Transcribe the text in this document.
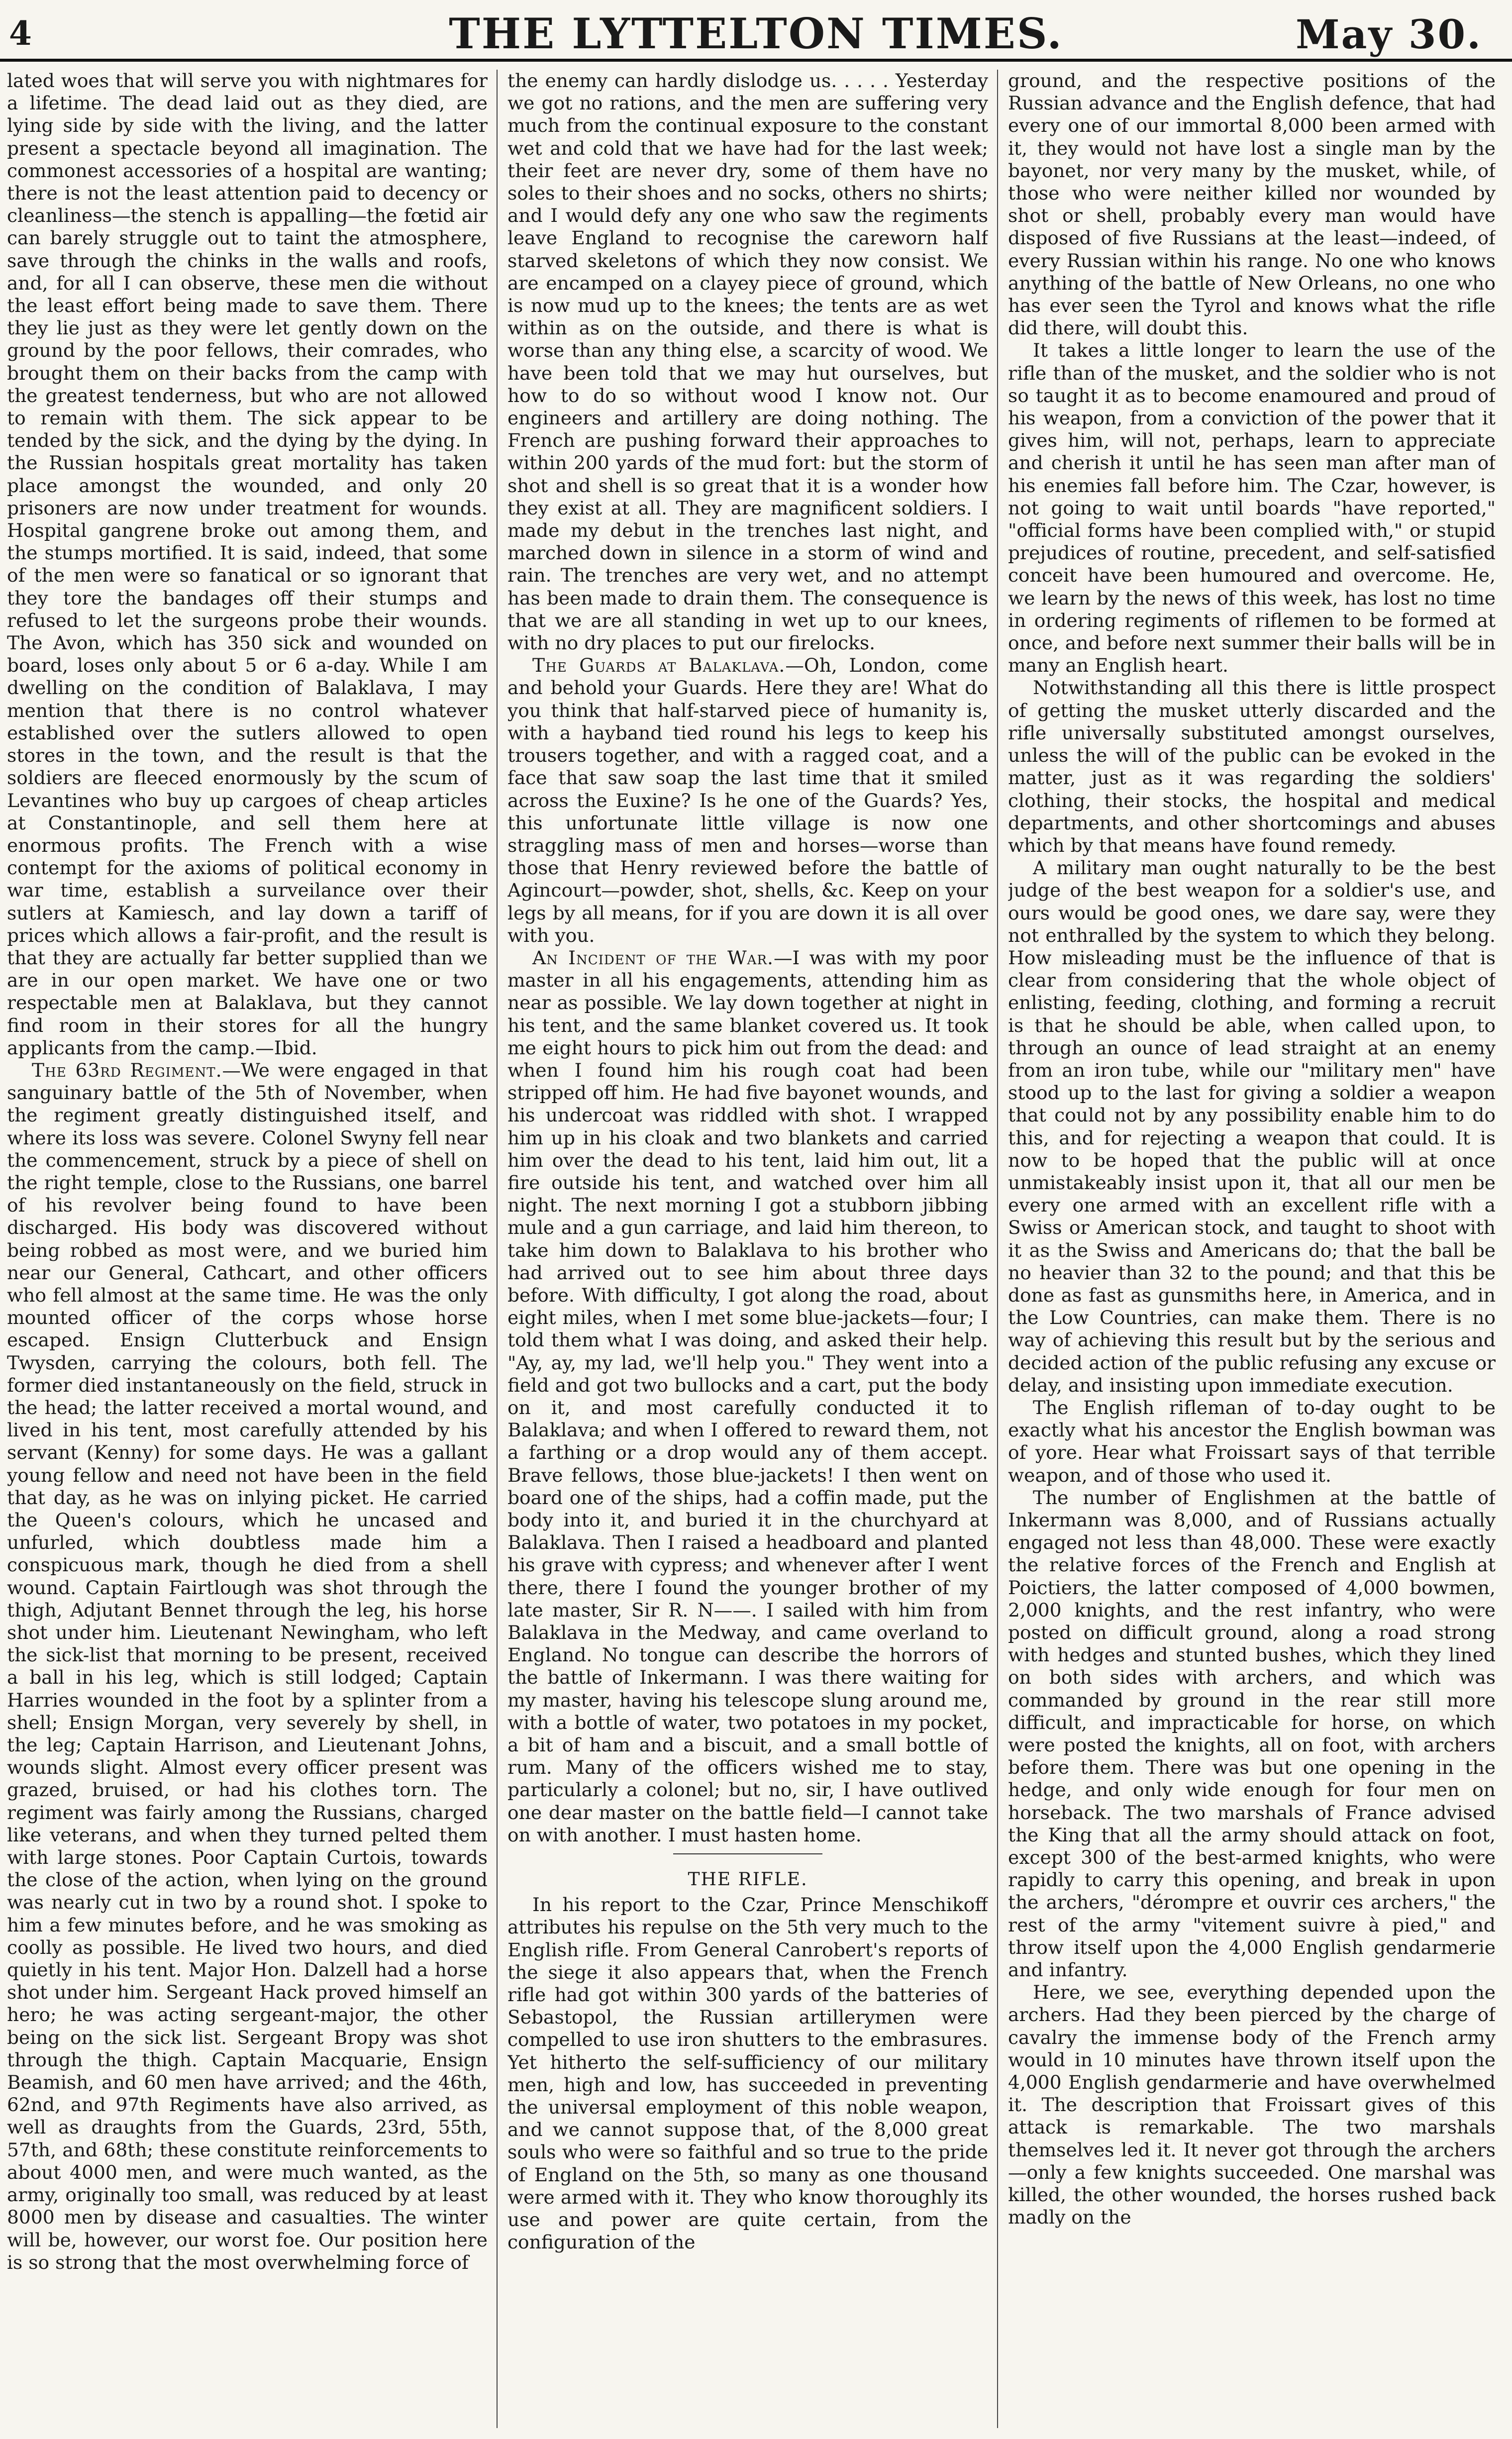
4	THE LYTTELTON TIMES.	May 30.

lated woes that will serve you with nightmares for a lifetime. The dead laid out as they died, are lying side by side with the living, and the latter present a spectacle beyond all imagination. The commonest accessories of a hospital are wanting; there is not the least attention paid to decency or cleanliness—the stench is appalling—the fœtid air can barely struggle out to taint the atmosphere, save through the chinks in the walls and roofs, and, for all I can observe, these men die without the least effort being made to save them. There they lie just as they were let gently down on the ground by the poor fellows, their comrades, who brought them on their backs from the camp with the greatest tenderness, but who are not allowed to remain with them. The sick appear to be tended by the sick, and the dying by the dying. In the Russian hospitals great mortality has taken place amongst the wounded, and only 20 prisoners are now under treatment for wounds. Hospital gangrene broke out among them, and the stumps mortified. It is said, indeed, that some of the men were so fanatical or so ignorant that they tore the bandages off their stumps and refused to let the surgeons probe their wounds. The Avon, which has 350 sick and wounded on board, loses only about 5 or 6 a-day. While I am dwelling on the condition of Balaklava, I may mention that there is no control whatever established over the sutlers allowed to open stores in the town, and the result is that the soldiers are fleeced enormously by the scum of Levantines who buy up cargoes of cheap articles at Constantinople, and sell them here at enormous profits. The French with a wise contempt for the axioms of political economy in war time, establish a surveilance over their sutlers at Kamiesch, and lay down a tariff of prices which allows a fair-profit, and the result is that they are actually far better supplied than we are in our open market. We have one or two respectable men at Balaklava, but they cannot find room in their stores for all the hungry applicants from the camp.—Ibid.

The 63rd Regiment.—We were engaged in that sanguinary battle of the 5th of November, when the regiment greatly distinguished itself, and where its loss was severe. Colonel Swyny fell near the commencement, struck by a piece of shell on the right temple, close to the Russians, one barrel of his revolver being found to have been discharged. His body was discovered without being robbed as most were, and we buried him near our General, Cathcart, and other officers who fell almost at the same time. He was the only mounted officer of the corps whose horse escaped. Ensign Clutterbuck and Ensign Twysden, carrying the colours, both fell. The former died instantaneously on the field, struck in the head; the latter received a mortal wound, and lived in his tent, most carefully attended by his servant (Kenny) for some days. He was a gallant young fellow and need not have been in the field that day, as he was on inlying picket. He carried the Queen's colours, which he uncased and unfurled, which doubtless made him a conspicuous mark, though he died from a shell wound. Captain Fairtlough was shot through the thigh, Adjutant Bennet through the leg, his horse shot under him. Lieutenant Newingham, who left the sick-list that morning to be present, received a ball in his leg, which is still lodged; Captain Harries wounded in the foot by a splinter from a shell; Ensign Morgan, very severely by shell, in the leg; Captain Harrison, and Lieutenant Johns, wounds slight. Almost every officer present was grazed, bruised, or had his clothes torn. The regiment was fairly among the Russians, charged like veterans, and when they turned pelted them with large stones. Poor Captain Curtois, towards the close of the action, when lying on the ground was nearly cut in two by a round shot. I spoke to him a few minutes before, and he was smoking as coolly as possible. He lived two hours, and died quietly in his tent. Major Hon. Dalzell had a horse shot under him. Sergeant Hack proved himself an hero; he was acting sergeant-major, the other being on the sick list. Sergeant Bropy was shot through the thigh. Captain Macquarie, Ensign Beamish, and 60 men have arrived; and the 46th, 62nd, and 97th Regiments have also arrived, as well as draughts from the Guards, 23rd, 55th, 57th, and 68th; these constitute reinforcements to about 4000 men, and were much wanted, as the army, originally too small, was reduced by at least 8000 men by disease and casualties. The winter will be, however, our worst foe. Our position here is so strong that the most overwhelming force of

the enemy can hardly dislodge us. . . . . Yesterday we got no rations, and the men are suffering very much from the continual exposure to the constant wet and cold that we have had for the last week; their feet are never dry, some of them have no soles to their shoes and no socks, others no shirts; and I would defy any one who saw the regiments leave England to recognise the careworn half starved skeletons of which they now consist. We are encamped on a clayey piece of ground, which is now mud up to the knees; the tents are as wet within as on the outside, and there is what is worse than any thing else, a scarcity of wood. We have been told that we may hut ourselves, but how to do so without wood I know not. Our engineers and artillery are doing nothing. The French are pushing forward their approaches to within 200 yards of the mud fort: but the storm of shot and shell is so great that it is a wonder how they exist at all. They are magnificent soldiers. I made my debut in the trenches last night, and marched down in silence in a storm of wind and rain. The trenches are very wet, and no attempt has been made to drain them. The consequence is that we are all standing in wet up to our knees, with no dry places to put our firelocks.

The Guards at Balaklava.—Oh, London, come and behold your Guards. Here they are! What do you think that half-starved piece of humanity is, with a hayband tied round his legs to keep his trousers together, and with a ragged coat, and a face that saw soap the last time that it smiled across the Euxine? Is he one of the Guards? Yes, this unfortunate little village is now one straggling mass of men and horses—worse than those that Henry reviewed before the battle of Agincourt—powder, shot, shells, &c. Keep on your legs by all means, for if you are down it is all over with you.

An Incident of the War.—I was with my poor master in all his engagements, attending him as near as possible. We lay down together at night in his tent, and the same blanket covered us. It took me eight hours to pick him out from the dead: and when I found him his rough coat had been stripped off him. He had five bayonet wounds, and his undercoat was riddled with shot. I wrapped him up in his cloak and two blankets and carried him over the dead to his tent, laid him out, lit a fire outside his tent, and watched over him all night. The next morning I got a stubborn jibbing mule and a gun carriage, and laid him thereon, to take him down to Balaklava to his brother who had arrived out to see him about three days before. With difficulty, I got along the road, about eight miles, when I met some blue-jackets—four; I told them what I was doing, and asked their help. "Ay, ay, my lad, we'll help you." They went into a field and got two bullocks and a cart, put the body on it, and most carefully conducted it to Balaklava; and when I offered to reward them, not a farthing or a drop would any of them accept. Brave fellows, those blue-jackets! I then went on board one of the ships, had a coffin made, put the body into it, and buried it in the churchyard at Balaklava. Then I raised a headboard and planted his grave with cypress; and whenever after I went there, there I found the younger brother of my late master, Sir R. N——. I sailed with him from Balaklava in the Medway, and came overland to England. No tongue can describe the horrors of the battle of Inkermann. I was there waiting for my master, having his telescope slung around me, with a bottle of water, two potatoes in my pocket, a bit of ham and a biscuit, and a small bottle of rum. Many of the officers wished me to stay, particularly a colonel; but no, sir, I have outlived one dear master on the battle field—I cannot take on with another. I must hasten home.

THE RIFLE.

In his report to the Czar, Prince Menschikoff attributes his repulse on the 5th very much to the English rifle. From General Canrobert's reports of the siege it also appears that, when the French rifle had got within 300 yards of the batteries of Sebastopol, the Russian artillerymen were compelled to use iron shutters to the embrasures. Yet hitherto the self-sufficiency of our military men, high and low, has succeeded in preventing the universal employment of this noble weapon, and we cannot suppose that, of the 8,000 great souls who were so faithful and so true to the pride of England on the 5th, so many as one thousand were armed with it. They who know thoroughly its use and power are quite certain, from the configuration of the

ground, and the respective positions of the Russian advance and the English defence, that had every one of our immortal 8,000 been armed with it, they would not have lost a single man by the bayonet, nor very many by the musket, while, of those who were neither killed nor wounded by shot or shell, probably every man would have disposed of five Russians at the least—indeed, of every Russian within his range. No one who knows anything of the battle of New Orleans, no one who has ever seen the Tyrol and knows what the rifle did there, will doubt this.

It takes a little longer to learn the use of the rifle than of the musket, and the soldier who is not so taught it as to become enamoured and proud of his weapon, from a conviction of the power that it gives him, will not, perhaps, learn to appreciate and cherish it until he has seen man after man of his enemies fall before him. The Czar, however, is not going to wait until boards "have reported," "official forms have been complied with," or stupid prejudices of routine, precedent, and self-satisfied conceit have been humoured and overcome. He, we learn by the news of this week, has lost no time in ordering regiments of riflemen to be formed at once, and before next summer their balls will be in many an English heart.

Notwithstanding all this there is little prospect of getting the musket utterly discarded and the rifle universally substituted amongst ourselves, unless the will of the public can be evoked in the matter, just as it was regarding the soldiers' clothing, their stocks, the hospital and medical departments, and other shortcomings and abuses which by that means have found remedy.

A military man ought naturally to be the best judge of the best weapon for a soldier's use, and ours would be good ones, we dare say, were they not enthralled by the system to which they belong. How misleading must be the influence of that is clear from considering that the whole object of enlisting, feeding, clothing, and forming a recruit is that he should be able, when called upon, to through an ounce of lead straight at an enemy from an iron tube, while our "military men" have stood up to the last for giving a soldier a weapon that could not by any possibility enable him to do this, and for rejecting a weapon that could. It is now to be hoped that the public will at once unmistakeably insist upon it, that all our men be every one armed with an excellent rifle with a Swiss or American stock, and taught to shoot with it as the Swiss and Americans do; that the ball be no heavier than 32 to the pound; and that this be done as fast as gunsmiths here, in America, and in the Low Countries, can make them. There is no way of achieving this result but by the serious and decided action of the public refusing any excuse or delay, and insisting upon immediate execution.

The English rifleman of to-day ought to be exactly what his ancestor the English bowman was of yore. Hear what Froissart says of that terrible weapon, and of those who used it.

The number of Englishmen at the battle of Inkermann was 8,000, and of Russians actually engaged not less than 48,000. These were exactly the relative forces of the French and English at Poictiers, the latter composed of 4,000 bowmen, 2,000 knights, and the rest infantry, who were posted on difficult ground, along a road strong with hedges and stunted bushes, which they lined on both sides with archers, and which was commanded by ground in the rear still more difficult, and impracticable for horse, on which were posted the knights, all on foot, with archers before them. There was but one opening in the hedge, and only wide enough for four men on horseback. The two marshals of France advised the King that all the army should attack on foot, except 300 of the best-armed knights, who were rapidly to carry this opening, and break in upon the archers, "dérompre et ouvrir ces archers," the rest of the army "vitement suivre à pied," and throw itself upon the 4,000 English gendarmerie and infantry.

Here, we see, everything depended upon the archers. Had they been pierced by the charge of cavalry the immense body of the French army would in 10 minutes have thrown itself upon the 4,000 English gendarmerie and have overwhelmed it. The description that Froissart gives of this attack is remarkable. The two marshals themselves led it. It never got through the archers—only a few knights succeeded. One marshal was killed, the other wounded, the horses rushed back madly on the
